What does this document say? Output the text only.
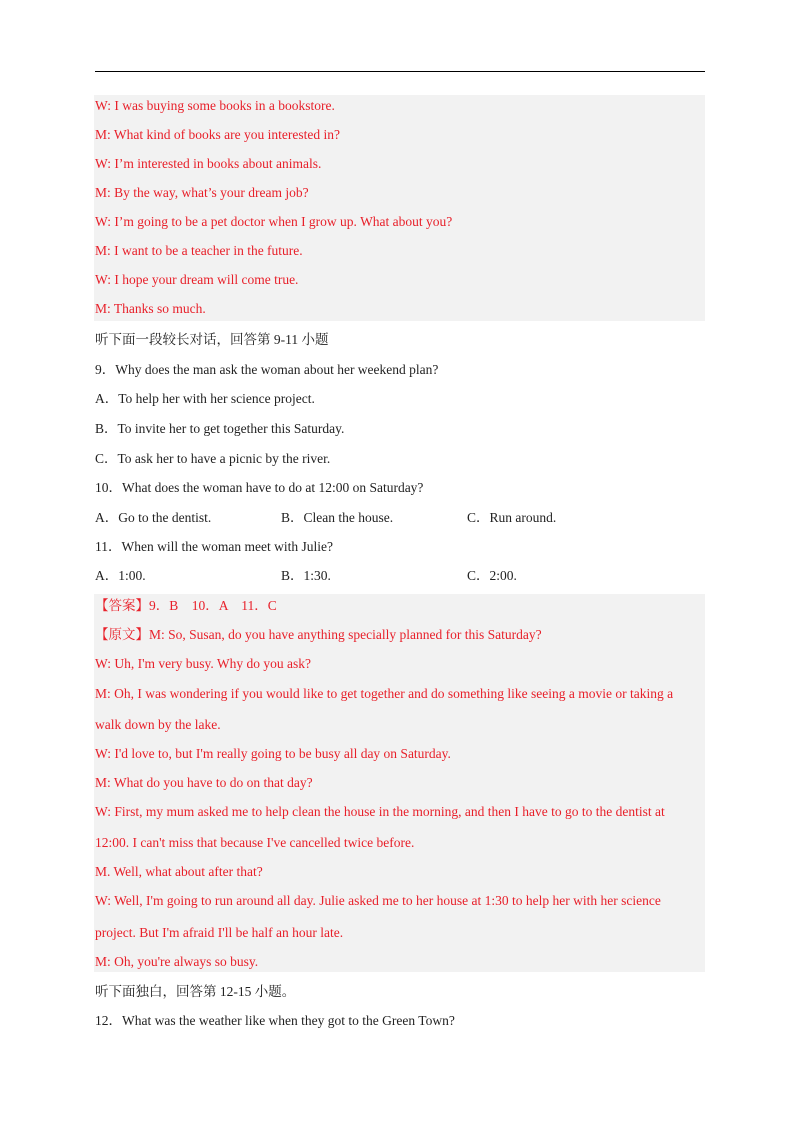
W: I was buying some books in a bookstore.
M: What kind of books are you interested in?
W: I’m interested in books about animals.
M: By the way, what’s your dream job?
W: I’m going to be a pet doctor when I grow up. What about you?
M: I want to be a teacher in the future.
W: I hope your dream will come true.
M: Thanks so much.
听下面一段较长对话，回答第 9-11 小题
9．Why does the man ask the woman about her weekend plan?
A．To help her with her science project.
B．To invite her to get together this Saturday.
C．To ask her to have a picnic by the river.
10．What does the woman have to do at 12:00 on Saturday?
A．Go to the dentist.	B．Clean the house.	C．Run around.
11．When will the woman meet with Julie?
A．1:00.	B．1:30.	C．2:00.
【答案】9．B　10．A　11．C
【原文】M: So, Susan, do you have anything specially planned for this Saturday?
W: Uh, I'm very busy. Why do you ask?
M: Oh, I was wondering if you would like to get together and do something like seeing a movie or taking a
walk down by the lake.
W: I'd love to, but I'm really going to be busy all day on Saturday.
M: What do you have to do on that day?
W: First, my mum asked me to help clean the house in the morning, and then I have to go to the dentist at
12:00. I can't miss that because I've cancelled twice before.
M. Well, what about after that?
W: Well, I'm going to run around all day. Julie asked me to her house at 1:30 to help her with her science
project. But I'm afraid I'll be half an hour late.
M: Oh, you're always so busy.
听下面独白，回答第 12-15 小题。
12．What was the weather like when they got to the Green Town?
